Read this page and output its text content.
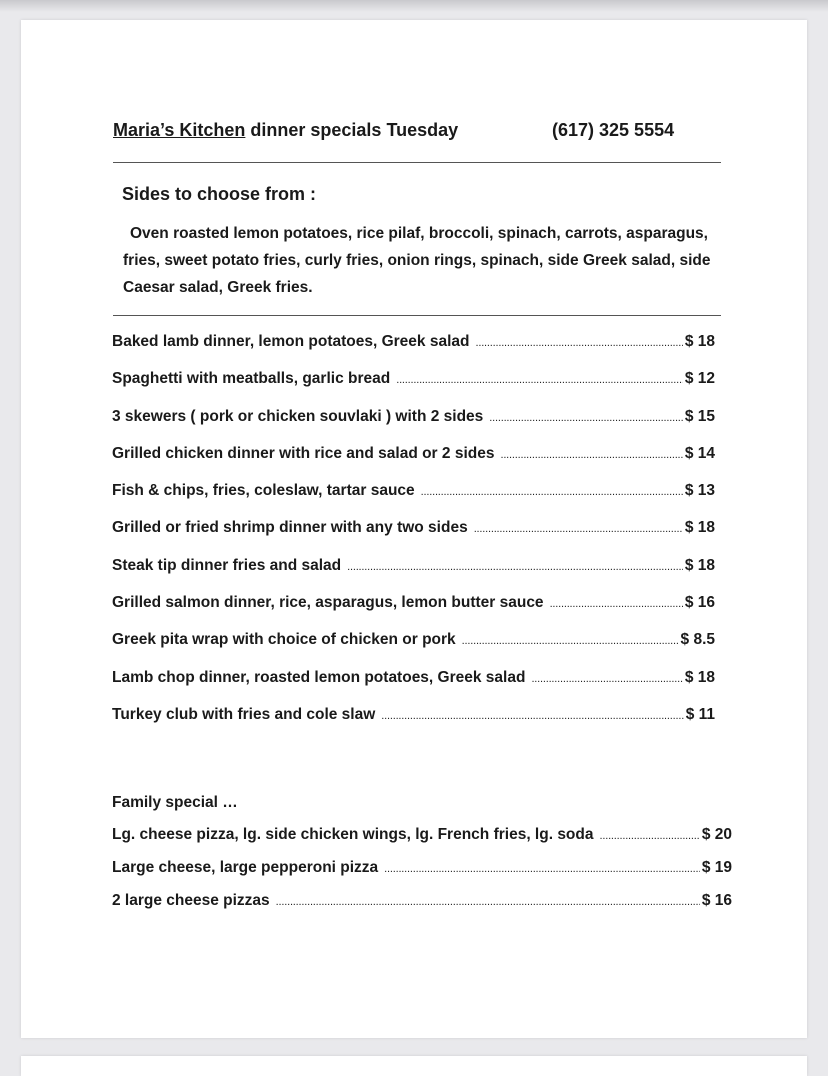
Maria’s Kitchen dinner specials Tuesday	(617) 325 5554
Sides to choose from :
Oven roasted lemon potatoes, rice pilaf, broccoli, spinach, carrots, asparagus, fries, sweet potato fries, curly fries, onion rings, spinach, side Greek salad, side Caesar salad, Greek fries.
Baked lamb dinner, lemon potatoes, Greek salad .....	$ 18
Spaghetti with meatballs, garlic bread .....	$ 12
3 skewers ( pork or chicken souvlaki ) with 2 sides .....	$ 15
Grilled chicken dinner with rice and salad or 2 sides .....	$ 14
Fish & chips, fries, coleslaw, tartar sauce .....	$ 13
Grilled or fried shrimp dinner with any two sides .....	$ 18
Steak tip dinner fries and salad .....	$ 18
Grilled salmon dinner, rice, asparagus, lemon butter sauce .....	$ 16
Greek pita wrap with choice of chicken or pork .....	$ 8.5
Lamb chop dinner, roasted lemon potatoes, Greek salad .....	$ 18
Turkey club with fries and cole slaw .....	$ 11
Family special …
Lg. cheese pizza, lg. side chicken wings, lg. French fries, lg. soda .....	$ 20
Large cheese, large pepperoni pizza .....	$ 19
2 large cheese pizzas .....	$ 16
